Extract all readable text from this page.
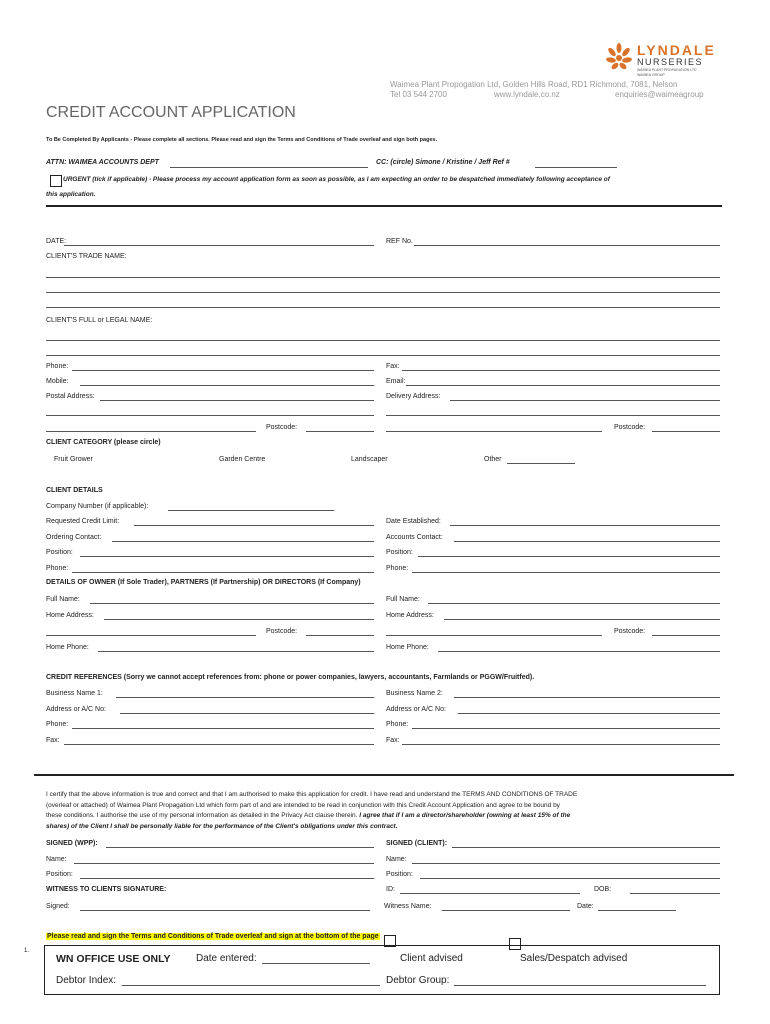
LYNDALE
NURSERIES
WAIMEA PLANT PROPAGATION LTD
WAIMEA GROUP
Waimea Plant Propogation Ltd, Golden Hills Road, RD1 Richmond, 7081, Nelson
Tel 03 544 2700	www.lyndale.co.nz	enquiries@waimeagroup
CREDIT ACCOUNT APPLICATION
To Be Completed By Applicants - Please complete all sections. Please read and sign the Terms and Conditions of Trade overleaf and sign both pages.
ATTN: WAIMEA ACCOUNTS DEPT	CC: (circle) Simone / Kristine / Jeff Ref #
URGENT (tick if applicable) - Please process my account application form as soon as possible, as I am expecting an order to be despatched immediately following acceptance of
this application.
DATE:	REF No.
CLIENT'S TRADE NAME:
CLIENT'S FULL or LEGAL NAME:
Phone:	Fax:
Mobile:	Email:
Postal Address:	Delivery Address:
Postcode:	Postcode:
CLIENT CATEGORY (please circle)
Fruit Grower	Garden Centre	Landscaper	Other
CLIENT DETAILS
Company Number (if applicable):
Requested Credit Limit:	Date Established:
Ordering Contact:	Accounts Contact:
Position:	Position:
Phone:	Phone:
DETAILS OF OWNER (If Sole Trader), PARTNERS (If Partnership) OR DIRECTORS (If Company)
Full Name:	Full Name:
Home Address:	Home Address:
Postcode:	Postcode:
Home Phone:	Home Phone:
CREDIT REFERENCES (Sorry we cannot accept references from: phone or power companies, lawyers, accountants, Farmlands or PGGW/Fruitfed).
Business Name 1:	Business Name 2:
Address or A/C No:	Address or A/C No:
Phone:	Phone:
Fax:	Fax:
I certify that the above information is true and correct and that I am authorised to make this application for credit. I have read and understand the TERMS AND CONDITIONS OF TRADE
(overleaf or attached) of Waimea Plant Propagation Ltd which form part of and are intended to be read in conjunction with this Credit Account Application and agree to be bound by
these conditions. I authorise the use of my personal information as detailed in the Privacy Act clause therein. I agree that if I am a director/shareholder (owning at least 15% of the
shares) of the Client I shall be personally liable for the performance of the Client's obligations under this contract.
SIGNED (WPP):	SIGNED (CLIENT):
Name:	Name:
Position:	Position:
WITNESS TO CLIENTS SIGNATURE:	ID:	DOB:
Signed:	Witness Name:	Date:
Please read and sign the Terms and Conditions of Trade overleaf and sign at the bottom of the page
1.
WN OFFICE USE ONLY	Date entered:	Client advised	Sales/Despatch advised
Debtor Index:	Debtor Group:
